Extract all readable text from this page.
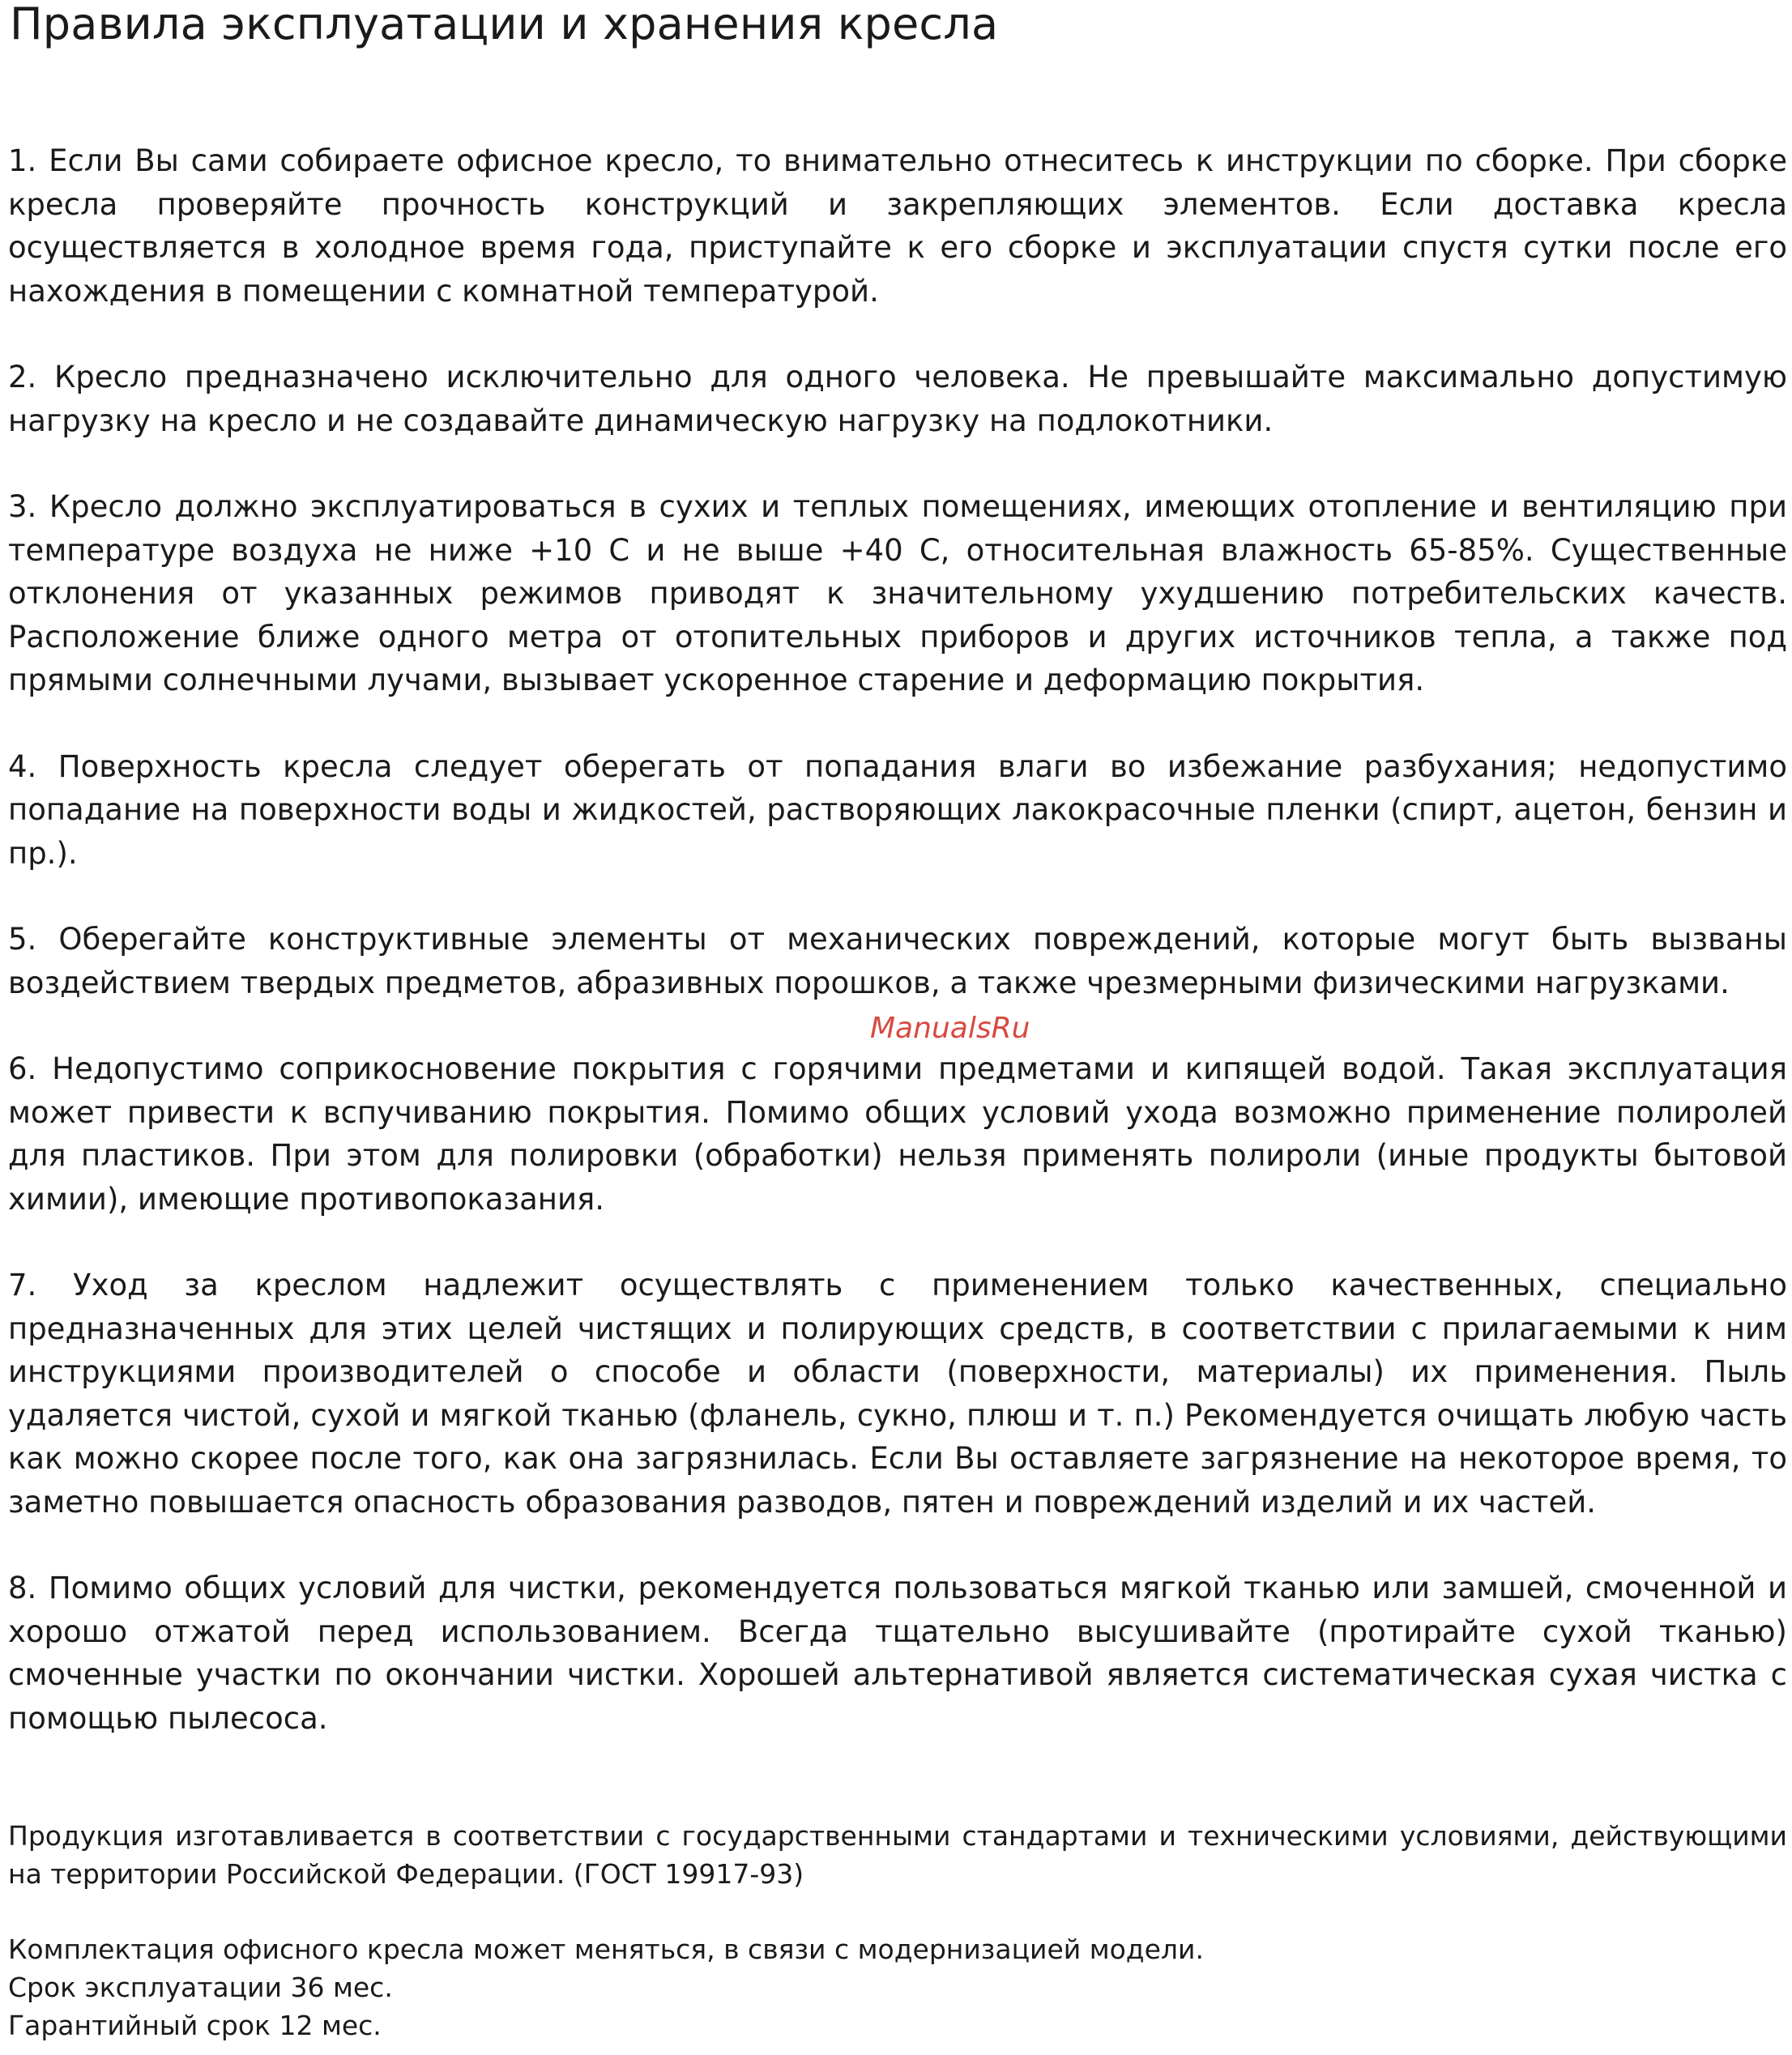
Правила эксплуатации и хранения кресла

1. Если Вы сами собираете офисное кресло, то внимательно отнеситесь к инструкции по сборке. При сборке кресла проверяйте прочность конструкций и закрепляющих элементов. Если доставка кресла осуществляется в холодное время года, приступайте к его сборке и эксплуатации спустя сутки после его нахождения в помещении с комнатной температурой.

2. Кресло предназначено исключительно для одного человека. Не превышайте максимально допустимую нагрузку на кресло и не создавайте динамическую нагрузку на подлокотники.

3. Кресло должно эксплуатироваться в сухих и теплых помещениях, имеющих отопление и вентиляцию при температуре воздуха не ниже +10 С и не выше +40 С, относительная влажность 65-85%. Существенные отклонения от указанных режимов приводят к значительному ухудшению потребительских качеств. Расположение ближе одного метра от отопительных приборов и других источников тепла, а также под прямыми солнечными лучами, вызывает ускоренное старение и деформацию покрытия.

4. Поверхность кресла следует оберегать от попадания влаги во избежание разбухания; недопустимо попадание на поверхности воды и жидкостей, растворяющих лакокрасочные пленки (спирт, ацетон, бензин и пр.).

5. Оберегайте конструктивные элементы от механических повреждений, которые могут быть вызваны воздействием твердых предметов, абразивных порошков, а также чрезмерными физическими нагрузками.

6. Недопустимо соприкосновение покрытия с горячими предметами и кипящей водой. Такая эксплуатация может привести к вспучиванию покрытия. Помимо общих условий ухода возможно применение полиролей для пластиков. При этом для полировки (обработки) нельзя применять полироли (иные продукты бытовой химии), имеющие противопоказания.

7. Уход за креслом надлежит осуществлять с применением только качественных, специально предназначенных для этих целей чистящих и полирующих средств, в соответствии с прилагаемыми к ним инструкциями производителей о способе и области (поверхности, материалы) их применения. Пыль удаляется чистой, сухой и мягкой тканью (фланель, сукно, плюш и т. п.) Рекомендуется очищать любую часть как можно скорее после того, как она загрязнилась. Если Вы оставляете загрязнение на некоторое время, то заметно повышается опасность образования разводов, пятен и повреждений изделий и их частей.

8. Помимо общих условий для чистки, рекомендуется пользоваться мягкой тканью или замшей, смоченной и хорошо отжатой перед использованием. Всегда тщательно высушивайте (протирайте сухой тканью) смоченные участки по окончании чистки. Хорошей альтернативой является систематическая сухая чистка с помощью пылесоса.

ManualsRu

Продукция изготавливается в соответствии с государственными стандартами и техническими условиями, действующими на территории Российской Федерации. (ГОСТ 19917-93)

Комплектация офисного кресла может меняться, в связи с модернизацией модели.

Срок эксплуатации 36 мес.

Гарантийный срок 12 мес.
